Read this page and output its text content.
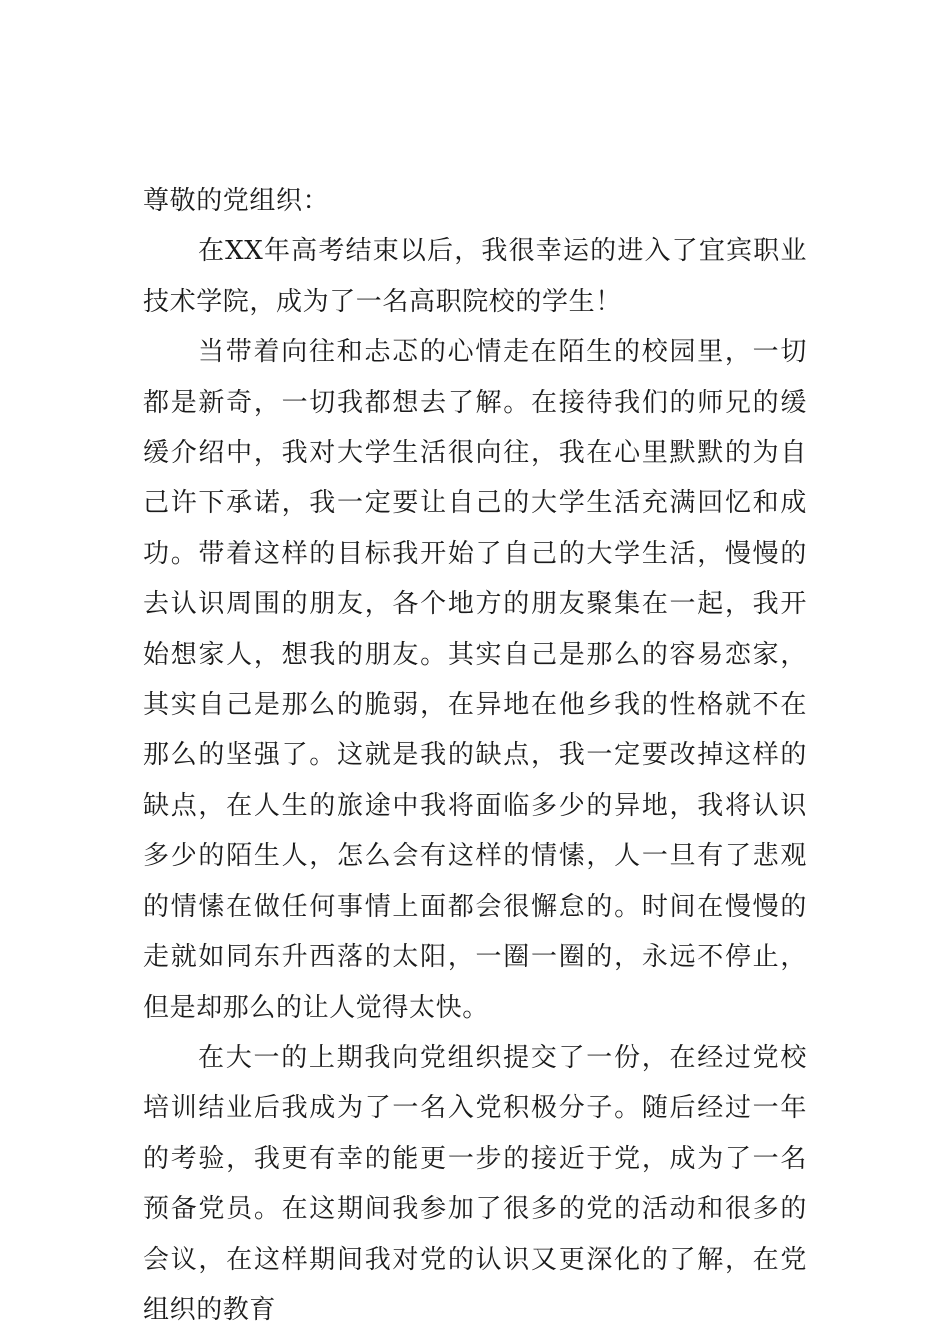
尊敬的党组织：

在XX年高考结束以后，我很幸运的进入了宜宾职业技术学院，成为了一名高职院校的学生！

当带着向往和忐忑的心情走在陌生的校园里，一切都是新奇，一切我都想去了解。在接待我们的师兄的缓缓介绍中，我对大学生活很向往，我在心里默默的为自己许下承诺，我一定要让自己的大学生活充满回忆和成功。带着这样的目标我开始了自己的大学生活，慢慢的去认识周围的朋友，各个地方的朋友聚集在一起，我开始想家人，想我的朋友。其实自己是那么的容易恋家，其实自己是那么的脆弱，在异地在他乡我的性格就不在那么的坚强了。这就是我的缺点，我一定要改掉这样的缺点，在人生的旅途中我将面临多少的异地，我将认识多少的陌生人，怎么会有这样的情愫，人一旦有了悲观的情愫在做任何事情上面都会很懈怠的。时间在慢慢的走就如同东升西落的太阳，一圈一圈的，永远不停止，但是却那么的让人觉得太快。

在大一的上期我向党组织提交了一份，在经过党校培训结业后我成为了一名入党积极分子。随后经过一年的考验，我更有幸的能更一步的接近于党，成为了一名预备党员。在这期间我参加了很多的党的活动和很多的会议，在这样期间我对党的认识又更深化的了解，在党组织的教育
